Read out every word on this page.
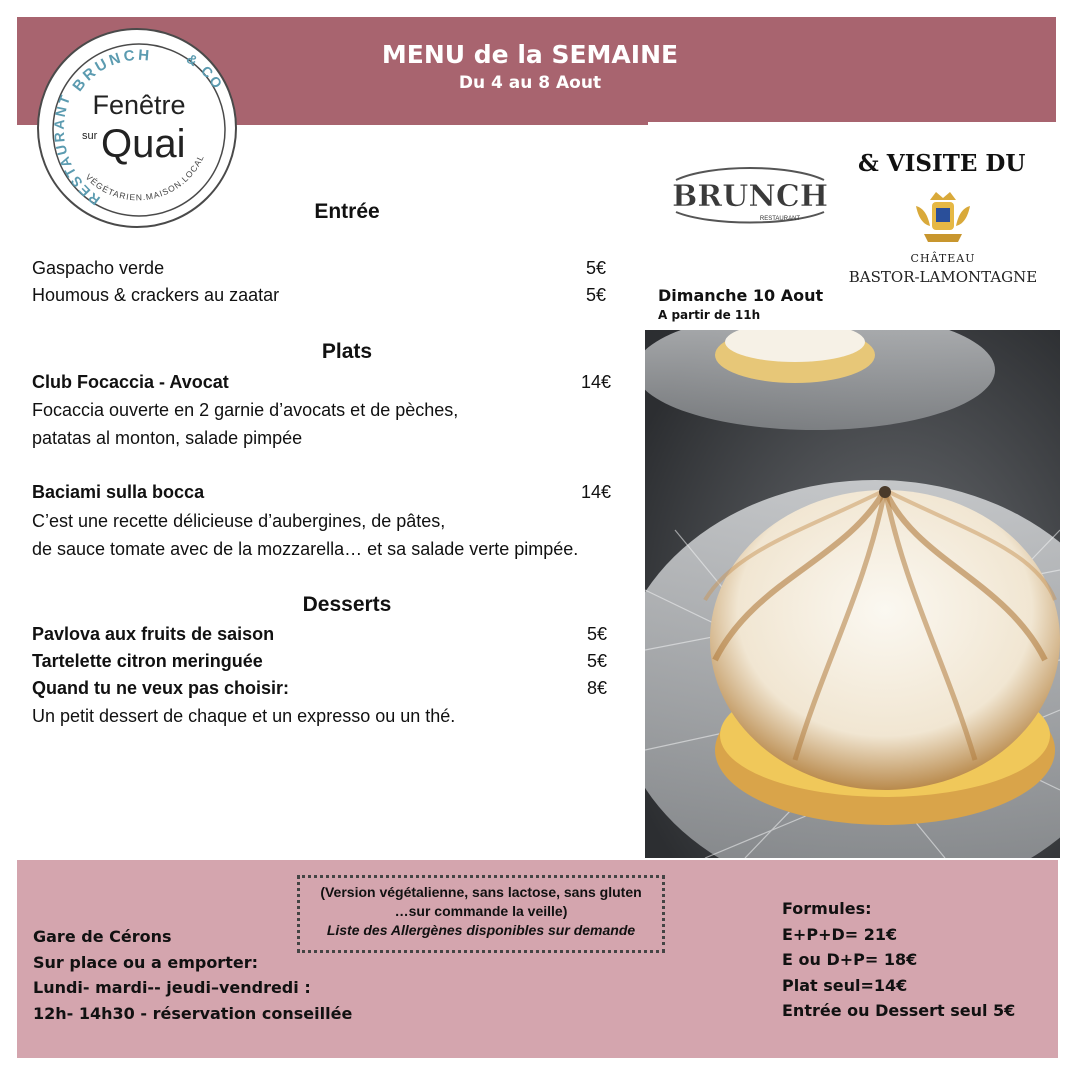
MENU de la SEMAINE
Du 4 au 8 Aout
BRUNCH & CO
RESTAURANT
VÉGÉTARIEN.MAISON.LOCAL
Fenêtre
sur Quai
Entrée
Gaspacho verde	5€
Houmous & crackers au zaatar	5€
Plats
Club Focaccia - Avocat	14€
Focaccia ouverte en 2 garnie d’avocats et de pèches,
patatas al monton, salade pimpée
Baciami sulla bocca	14€
C’est une recette délicieuse d’aubergines, de pâtes,
de sauce tomate avec de la mozzarella… et sa salade verte pimpée.
Desserts
Pavlova aux fruits de saison	5€
Tartelette citron meringuée	5€
Quand tu ne veux pas choisir:	8€
Un petit dessert de chaque et un expresso ou un thé.
BRUNCH
RESTAURANT
& VISITE DU
CHÂTEAU
BASTOR-LAMONTAGNE
Dimanche 10 Aout
A partir de 11h
(Version végétalienne, sans lactose, sans gluten
…sur commande la veille)
Liste des Allergènes disponibles sur demande
Gare de Cérons
Sur place ou a emporter:
Lundi- mardi-- jeudi–vendredi :
12h- 14h30 - réservation conseillée
Formules:
E+P+D= 21€
E ou D+P= 18€
Plat seul=14€
Entrée ou Dessert seul 5€
